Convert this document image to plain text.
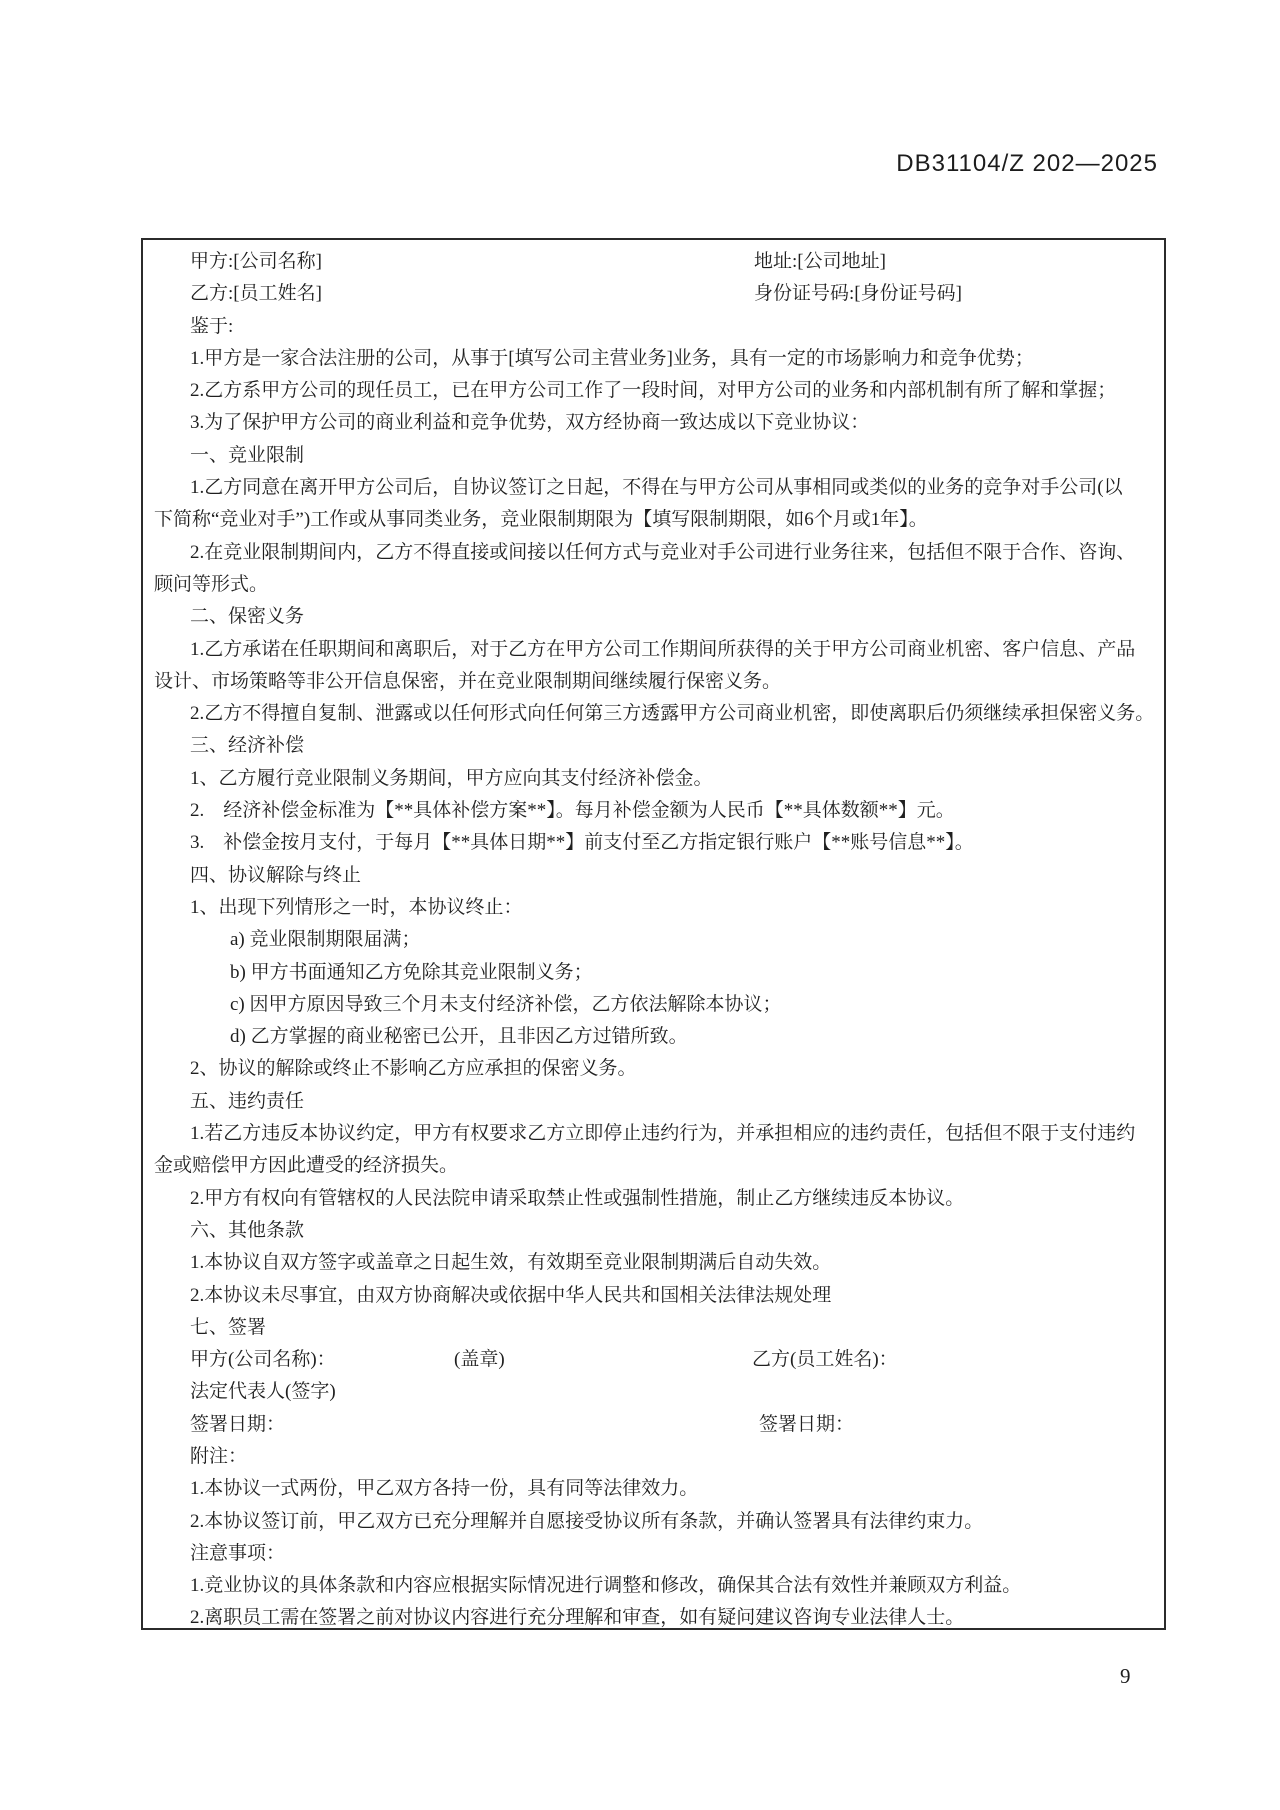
DB31104/Z 202—2025
甲方:[公司名称]	地址:[公司地址]
乙方:[员工姓名]	身份证号码:[身份证号码]
鉴于:
1.甲方是一家合法注册的公司，从事于[填写公司主营业务]业务，具有一定的市场影响力和竞争优势；
2.乙方系甲方公司的现任员工，已在甲方公司工作了一段时间，对甲方公司的业务和内部机制有所了解和掌握；
3.为了保护甲方公司的商业利益和竞争优势，双方经协商一致达成以下竞业协议：
一、竞业限制
1.乙方同意在离开甲方公司后，自协议签订之日起，不得在与甲方公司从事相同或类似的业务的竞争对手公司(以
下简称“竞业对手”)工作或从事同类业务，竞业限制期限为【填写限制期限，如6个月或1年】。
2.在竞业限制期间内，乙方不得直接或间接以任何方式与竞业对手公司进行业务往来，包括但不限于合作、咨询、
顾问等形式。
二、保密义务
1.乙方承诺在任职期间和离职后，对于乙方在甲方公司工作期间所获得的关于甲方公司商业机密、客户信息、产品
设计、市场策略等非公开信息保密，并在竞业限制期间继续履行保密义务。
2.乙方不得擅自复制、泄露或以任何形式向任何第三方透露甲方公司商业机密，即使离职后仍须继续承担保密义务。
三、经济补偿
1、乙方履行竞业限制义务期间，甲方应向其支付经济补偿金。
2.　经济补偿金标准为【**具体补偿方案**】。每月补偿金额为人民币【**具体数额**】元。
3.　补偿金按月支付，于每月【**具体日期**】前支付至乙方指定银行账户【**账号信息**】。
四、协议解除与终止
1、出现下列情形之一时，本协议终止：
a) 竞业限制期限届满；
b) 甲方书面通知乙方免除其竞业限制义务；
c) 因甲方原因导致三个月未支付经济补偿，乙方依法解除本协议；
d) 乙方掌握的商业秘密已公开，且非因乙方过错所致。
2、协议的解除或终止不影响乙方应承担的保密义务。
五、违约责任
1.若乙方违反本协议约定，甲方有权要求乙方立即停止违约行为，并承担相应的违约责任，包括但不限于支付违约
金或赔偿甲方因此遭受的经济损失。
2.甲方有权向有管辖权的人民法院申请采取禁止性或强制性措施，制止乙方继续违反本协议。
六、其他条款
1.本协议自双方签字或盖章之日起生效，有效期至竞业限制期满后自动失效。
2.本协议未尽事宜，由双方协商解决或依据中华人民共和国相关法律法规处理
七、签署
甲方(公司名称)：	(盖章)	乙方(员工姓名)：
法定代表人(签字)
签署日期：	签署日期：
附注：
1.本协议一式两份，甲乙双方各持一份，具有同等法律效力。
2.本协议签订前，甲乙双方已充分理解并自愿接受协议所有条款，并确认签署具有法律约束力。
注意事项：
1.竞业协议的具体条款和内容应根据实际情况进行调整和修改，确保其合法有效性并兼顾双方利益。
2.离职员工需在签署之前对协议内容进行充分理解和审查，如有疑问建议咨询专业法律人士。
9
